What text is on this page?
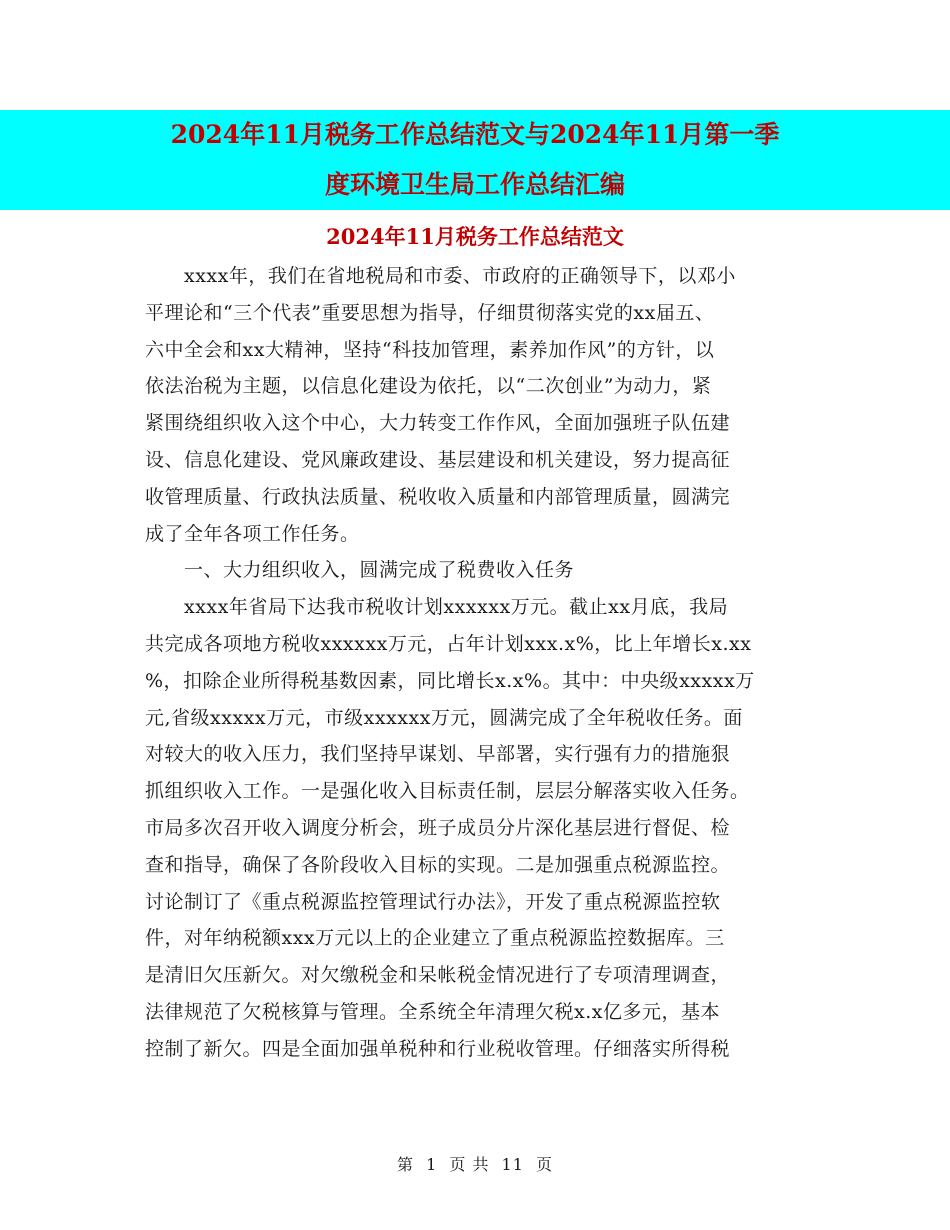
2024年11月税务工作总结范文与2024年11月第一季
度环境卫生局工作总结汇编
2024年11月税务工作总结范文
　　xxxx年，我们在省地税局和市委、市政府的正确领导下，以邓小
平理论和“三个代表”重要思想为指导，仔细贯彻落实党的xx届五、
六中全会和xx大精神，坚持“科技加管理，素养加作风”的方针，以
依法治税为主题，以信息化建设为依托，以“二次创业”为动力，紧
紧围绕组织收入这个中心，大力转变工作作风，全面加强班子队伍建
设、信息化建设、党风廉政建设、基层建设和机关建设，努力提高征
收管理质量、行政执法质量、税收收入质量和内部管理质量，圆满完
成了全年各项工作任务。
　　一、大力组织收入，圆满完成了税费收入任务
　　xxxx年省局下达我市税收计划xxxxxx万元。截止xx月底，我局
共完成各项地方税收xxxxxx万元，占年计划xxx.x%，比上年增长x.xx
%，扣除企业所得税基数因素，同比增长x.x%。其中：中央级xxxxx万
元,省级xxxxx万元，市级xxxxxx万元，圆满完成了全年税收任务。面
对较大的收入压力，我们坚持早谋划、早部署，实行强有力的措施狠
抓组织收入工作。一是强化收入目标责任制，层层分解落实收入任务。
市局多次召开收入调度分析会，班子成员分片深化基层进行督促、检
查和指导，确保了各阶段收入目标的实现。二是加强重点税源监控。
讨论制订了《重点税源监控管理试行办法》，开发了重点税源监控软
件，对年纳税额xxx万元以上的企业建立了重点税源监控数据库。三
是清旧欠压新欠。对欠缴税金和呆帐税金情况进行了专项清理调查，
法律规范了欠税核算与管理。全系统全年清理欠税x.x亿多元，基本
控制了新欠。四是全面加强单税种和行业税收管理。仔细落实所得税
第 1 页 共 11 页
